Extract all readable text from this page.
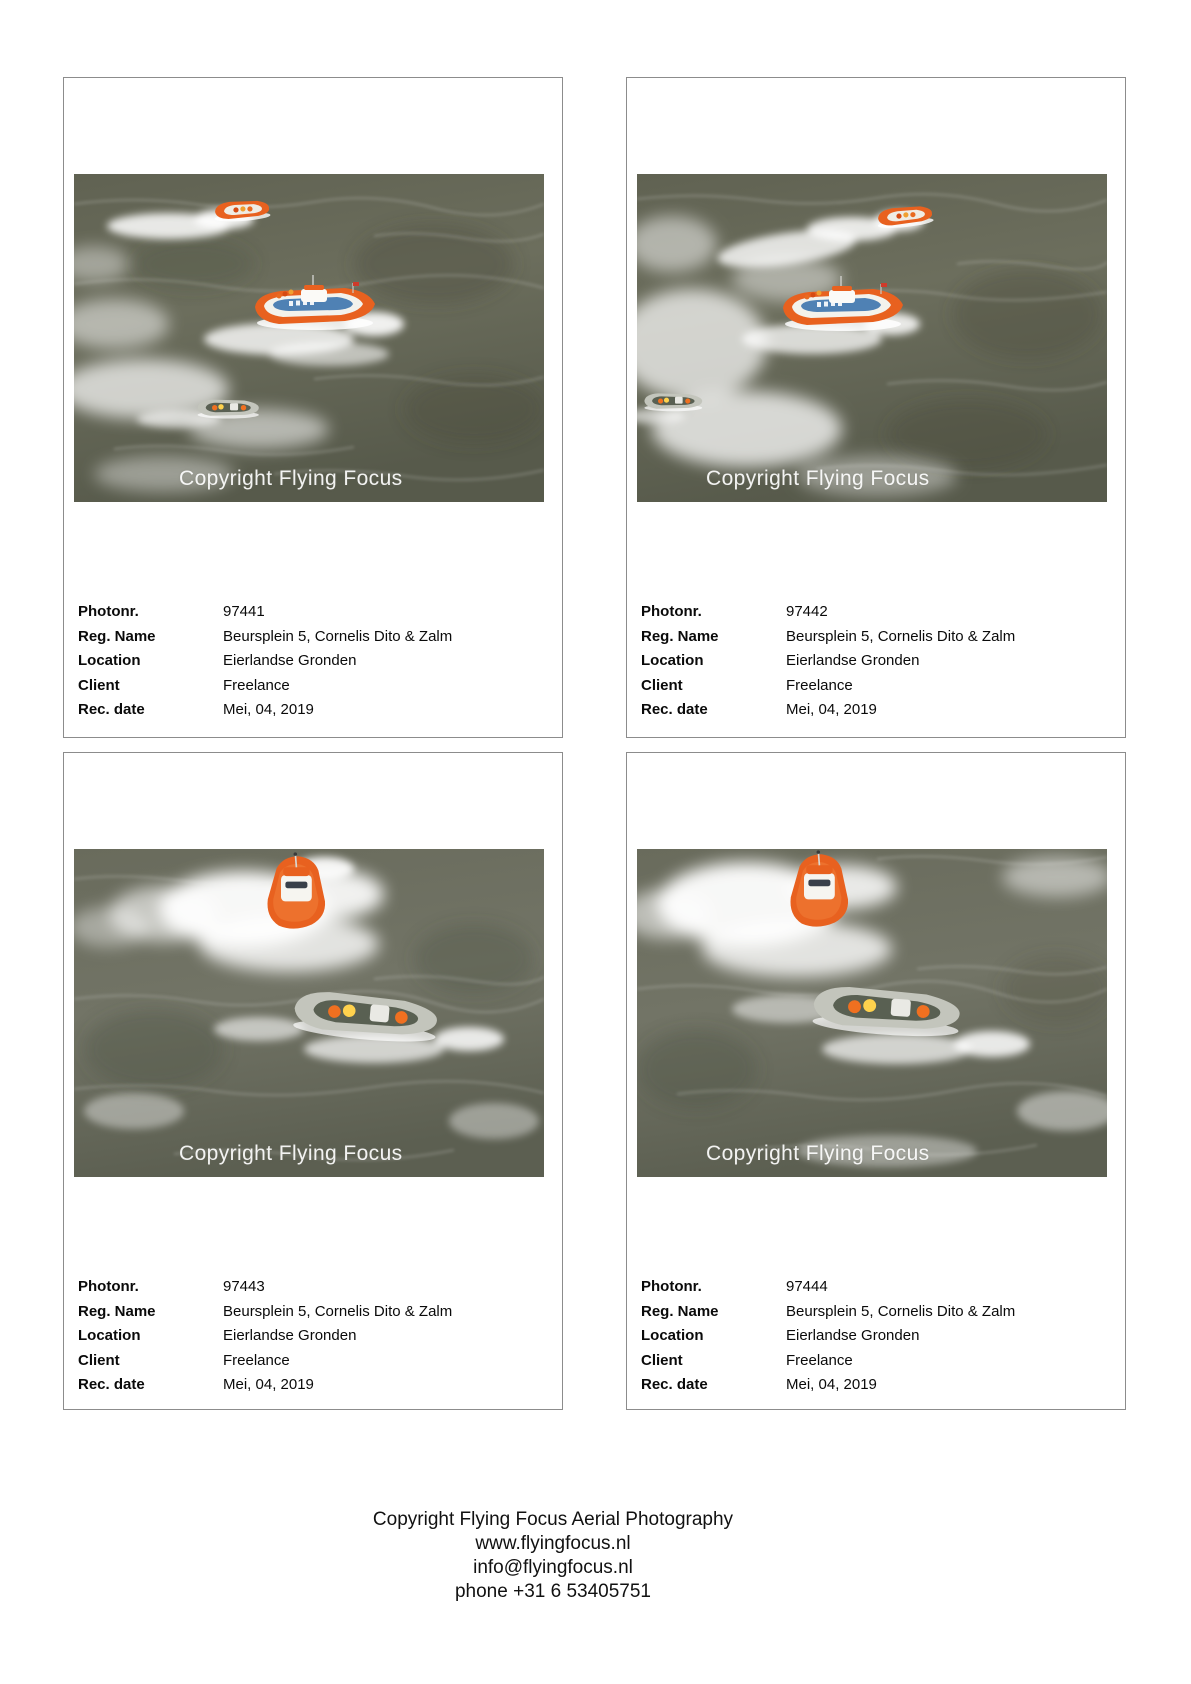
Copyright Flying Focus
Photonr.	97441
Reg. Name	Beursplein 5, Cornelis Dito & Zalm
Location	Eierlandse Gronden
Client	Freelance
Rec. date	Mei, 04, 2019
Copyright Flying Focus
Photonr.	97442
Reg. Name	Beursplein 5, Cornelis Dito & Zalm
Location	Eierlandse Gronden
Client	Freelance
Rec. date	Mei, 04, 2019
Copyright Flying Focus
Photonr.	97443
Reg. Name	Beursplein 5, Cornelis Dito & Zalm
Location	Eierlandse Gronden
Client	Freelance
Rec. date	Mei, 04, 2019
Copyright Flying Focus
Photonr.	97444
Reg. Name	Beursplein 5, Cornelis Dito & Zalm
Location	Eierlandse Gronden
Client	Freelance
Rec. date	Mei, 04, 2019
Copyright Flying Focus Aerial Photography
www.flyingfocus.nl
info@flyingfocus.nl
phone +31 6 53405751
